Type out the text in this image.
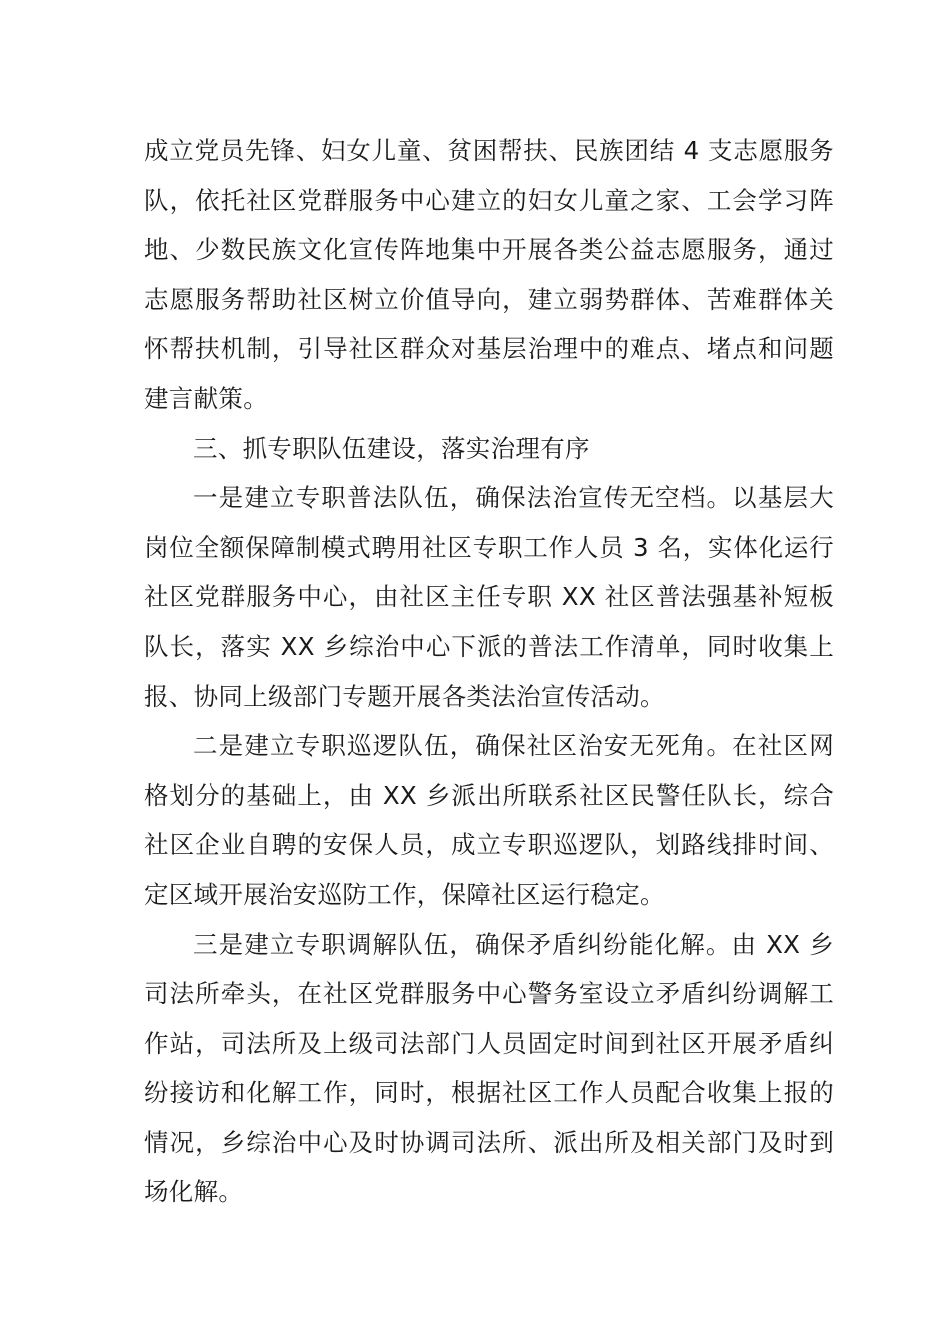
成立党员先锋、妇女儿童、贫困帮扶、民族团结 4 支志愿服务队，依托社区党群服务中心建立的妇女儿童之家、工会学习阵地、少数民族文化宣传阵地集中开展各类公益志愿服务，通过志愿服务帮助社区树立价值导向，建立弱势群体、苦难群体关怀帮扶机制，引导社区群众对基层治理中的难点、堵点和问题建言献策。

三、抓专职队伍建设，落实治理有序

一是建立专职普法队伍，确保法治宣传无空档。以基层大岗位全额保障制模式聘用社区专职工作人员 3 名，实体化运行社区党群服务中心，由社区主任专职 XX 社区普法强基补短板队长，落实 XX 乡综治中心下派的普法工作清单，同时收集上报、协同上级部门专题开展各类法治宣传活动。

二是建立专职巡逻队伍，确保社区治安无死角。在社区网格划分的基础上，由 XX 乡派出所联系社区民警任队长，综合社区企业自聘的安保人员，成立专职巡逻队，划路线排时间、定区域开展治安巡防工作，保障社区运行稳定。

三是建立专职调解队伍，确保矛盾纠纷能化解。由 XX 乡司法所牵头，在社区党群服务中心警务室设立矛盾纠纷调解工作站，司法所及上级司法部门人员固定时间到社区开展矛盾纠纷接访和化解工作，同时，根据社区工作人员配合收集上报的情况，乡综治中心及时协调司法所、派出所及相关部门及时到场化解。
